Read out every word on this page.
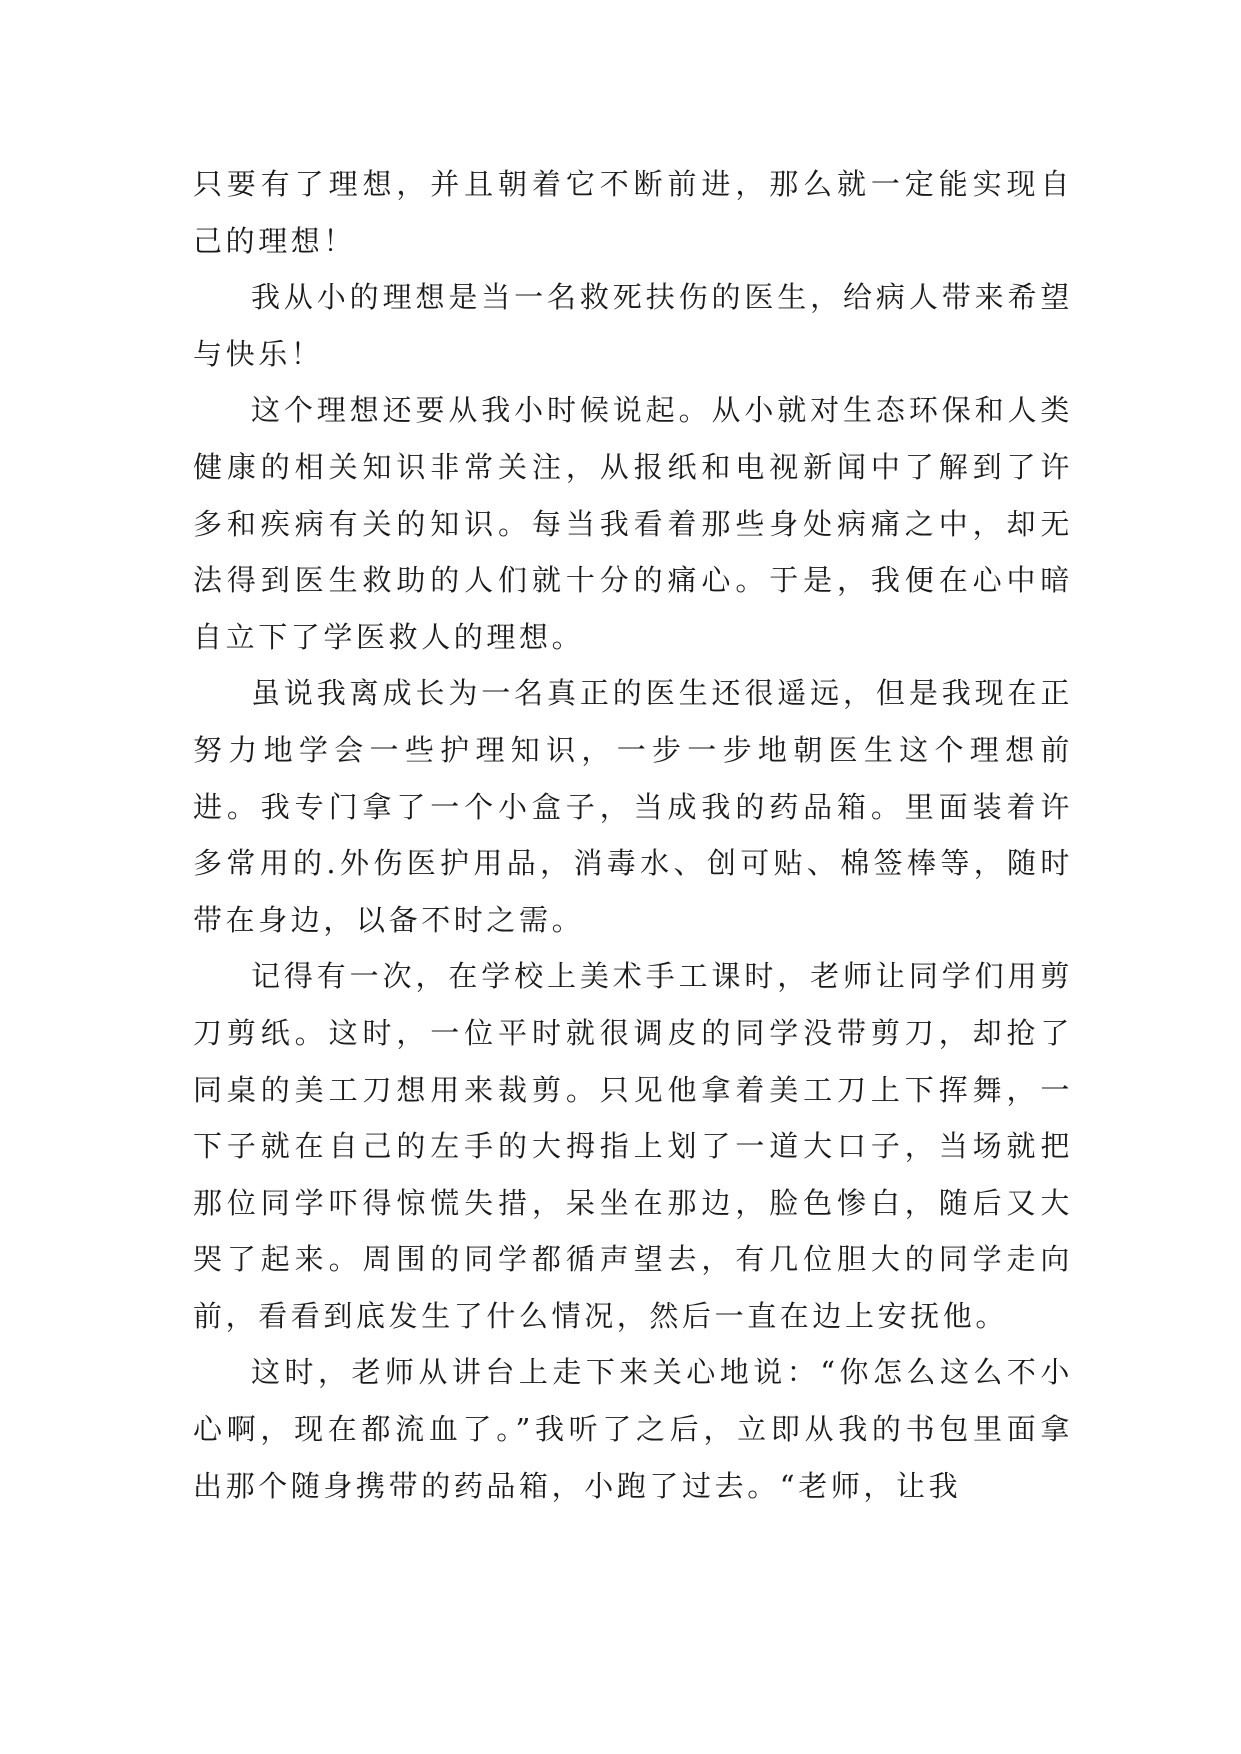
只要有了理想，并且朝着它不断前进，那么就一定能实现自己的理想！

我从小的理想是当一名救死扶伤的医生，给病人带来希望与快乐！

这个理想还要从我小时候说起。从小就对生态环保和人类健康的相关知识非常关注，从报纸和电视新闻中了解到了许多和疾病有关的知识。每当我看着那些身处病痛之中，却无法得到医生救助的人们就十分的痛心。于是，我便在心中暗自立下了学医救人的理想。

虽说我离成长为一名真正的医生还很遥远，但是我现在正努力地学会一些护理知识，一步一步地朝医生这个理想前进。我专门拿了一个小盒子，当成我的药品箱。里面装着许多常用的.外伤医护用品，消毒水、创可贴、棉签棒等，随时带在身边，以备不时之需。

记得有一次，在学校上美术手工课时，老师让同学们用剪刀剪纸。这时，一位平时就很调皮的同学没带剪刀，却抢了同桌的美工刀想用来裁剪。只见他拿着美工刀上下挥舞，一下子就在自己的左手的大拇指上划了一道大口子，当场就把那位同学吓得惊慌失措，呆坐在那边，脸色惨白，随后又大哭了起来。周围的同学都循声望去，有几位胆大的同学走向前，看看到底发生了什么情况，然后一直在边上安抚他。

这时，老师从讲台上走下来关心地说：“你怎么这么不小心啊，现在都流血了。”我听了之后，立即从我的书包里面拿出那个随身携带的药品箱，小跑了过去。“老师，让我
